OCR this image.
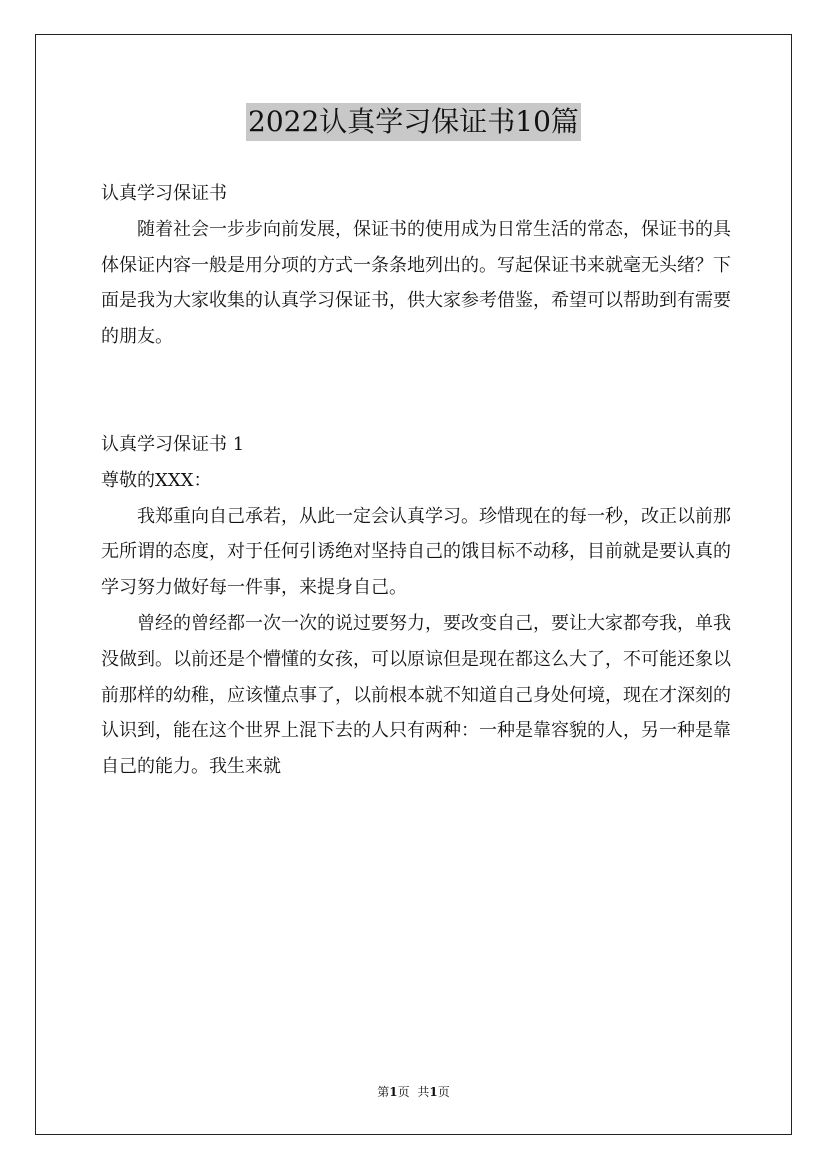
2022认真学习保证书10篇

认真学习保证书

随着社会一步步向前发展，保证书的使用成为日常生活的常态，保证书的具体保证内容一般是用分项的方式一条条地列出的。写起保证书来就毫无头绪？下面是我为大家收集的认真学习保证书，供大家参考借鉴，希望可以帮助到有需要的朋友。

认真学习保证书 1

尊敬的XXX：

我郑重向自己承若，从此一定会认真学习。珍惜现在的每一秒，改正以前那无所谓的态度，对于任何引诱绝对坚持自己的饿目标不动移，目前就是要认真的学习努力做好每一件事，来提身自己。

曾经的曾经都一次一次的说过要努力，要改变自己，要让大家都夸我，单我没做到。以前还是个懵懂的女孩，可以原谅但是现在都这么大了，不可能还象以前那样的幼稚，应该懂点事了，以前根本就不知道自己身处何境，现在才深刻的认识到，能在这个世界上混下去的人只有两种：一种是靠容貌的人，另一种是靠自己的能力。我生来就

第1页 共1页
